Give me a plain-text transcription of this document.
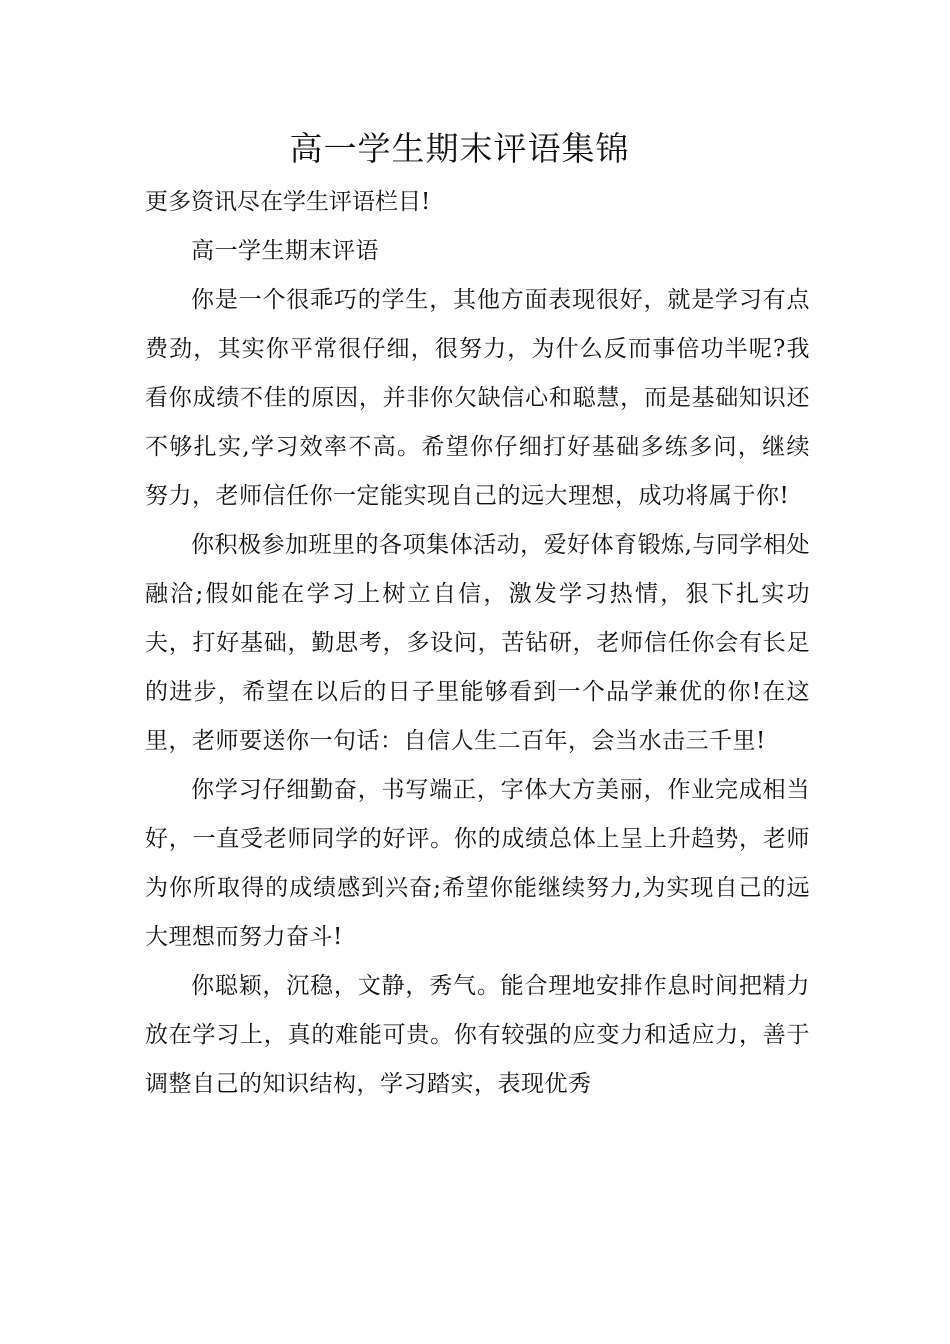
高一学生期末评语集锦

更多资讯尽在学生评语栏目!

高一学生期末评语

你是一个很乖巧的学生，其他方面表现很好，就是学习有点费劲，其实你平常很仔细，很努力，为什么反而事倍功半呢?我看你成绩不佳的原因，并非你欠缺信心和聪慧，而是基础知识还不够扎实,学习效率不高。希望你仔细打好基础多练多问，继续努力，老师信任你一定能实现自己的远大理想，成功将属于你!

你积极参加班里的各项集体活动，爱好体育锻炼,与同学相处融洽;假如能在学习上树立自信，激发学习热情，狠下扎实功夫，打好基础，勤思考，多设问，苦钻研，老师信任你会有长足的进步，希望在以后的日子里能够看到一个品学兼优的你!在这里，老师要送你一句话：自信人生二百年，会当水击三千里!

你学习仔细勤奋，书写端正，字体大方美丽，作业完成相当好，一直受老师同学的好评。你的成绩总体上呈上升趋势，老师为你所取得的成绩感到兴奋;希望你能继续努力,为实现自己的远大理想而努力奋斗!

你聪颖，沉稳，文静，秀气。能合理地安排作息时间把精力放在学习上，真的难能可贵。你有较强的应变力和适应力，善于调整自己的知识结构，学习踏实，表现优秀
